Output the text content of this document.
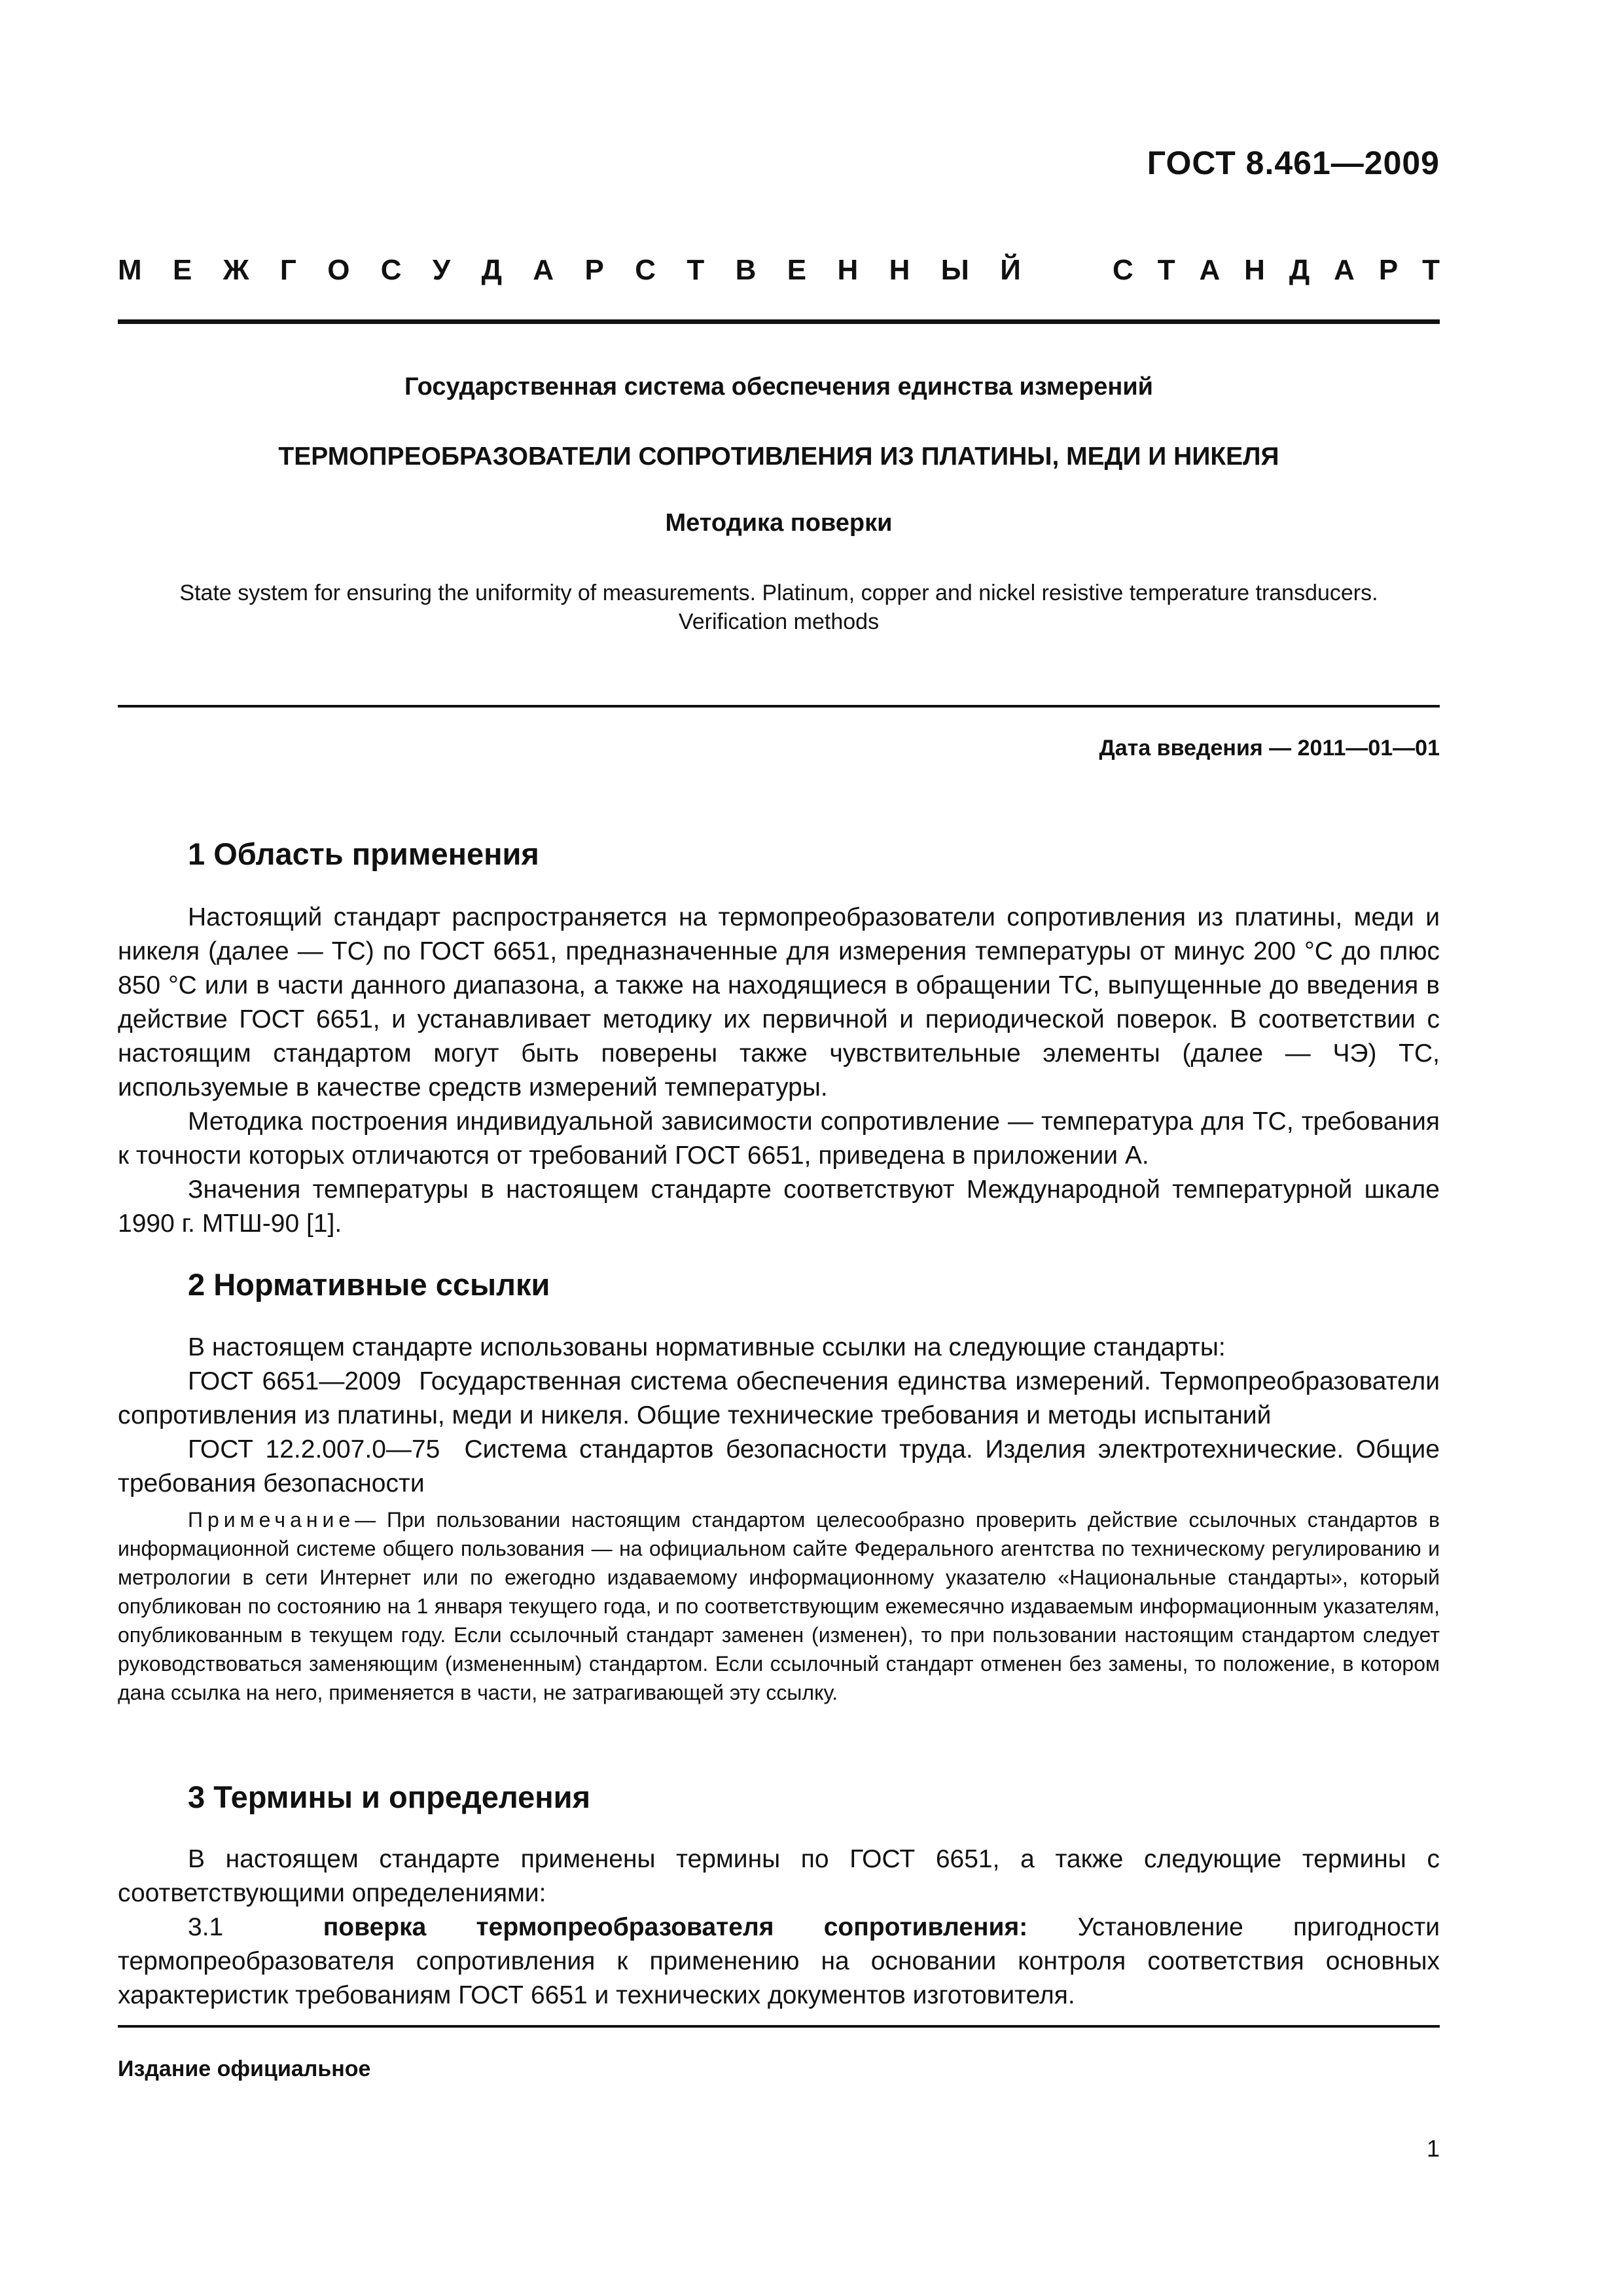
ГОСТ 8.461—2009
М Е Ж Г О С У Д А Р С Т В Е Н Н Ы Й	С Т А Н Д А Р Т
Государственная система обеспечения единства измерений
ТЕРМОПРЕОБРАЗОВАТЕЛИ СОПРОТИВЛЕНИЯ ИЗ ПЛАТИНЫ, МЕДИ И НИКЕЛЯ
Методика поверки
State system for ensuring the uniformity of measurements. Platinum, copper and nickel resistive temperature transducers. Verification methods
Дата введения — 2011—01—01
1 Область применения

Настоящий стандарт распространяется на термопреобразователи сопротивления из платины, меди и никеля (далее — ТС) по ГОСТ 6651, предназначенные для измерения температуры от минус 200 °С до плюс 850 °С или в части данного диапазона, а также на находящиеся в обращении ТС, выпущенные до введения в действие ГОСТ 6651, и устанавливает методику их первичной и периодической поверок. В соответствии с настоящим стандартом могут быть поверены также чувствительные элементы (далее — ЧЭ) ТС, используемые в качестве средств измерений температуры.

Методика построения индивидуальной зависимости сопротивление — температура для ТС, требования к точности которых отличаются от требований ГОСТ 6651, приведена в приложении А.

Значения температуры в настоящем стандарте соответствуют Международной температурной шкале 1990 г. МТШ-90 [1].

2 Нормативные ссылки

В настоящем стандарте использованы нормативные ссылки на следующие стандарты:

ГОСТ 6651—2009 Государственная система обеспечения единства измерений. Термопреобразователи сопротивления из платины, меди и никеля. Общие технические требования и методы испытаний

ГОСТ 12.2.007.0—75 Система стандартов безопасности труда. Изделия электротехнические. Общие требования безопасности

Примечание— При пользовании настоящим стандартом целесообразно проверить действие ссылочных стандартов в информационной системе общего пользования — на официальном сайте Федерального агентства по техническому регулированию и метрологии в сети Интернет или по ежегодно издаваемому информационному указателю «Национальные стандарты», который опубликован по состоянию на 1 января текущего года, и по соответствующим ежемесячно издаваемым информационным указателям, опубликованным в текущем году. Если ссылочный стандарт заменен (изменен), то при пользовании настоящим стандартом следует руководствоваться заменяющим (измененным) стандартом. Если ссылочный стандарт отменен без замены, то положение, в котором дана ссылка на него, применяется в части, не затрагивающей эту ссылку.

3 Термины и определения

В настоящем стандарте применены термины по ГОСТ 6651, а также следующие термины с соответствующими определениями:

3.1	поверка термопреобразователя сопротивления: Установление пригодности термопреобразователя сопротивления к применению на основании контроля соответствия основных характеристик требованиям ГОСТ 6651 и технических документов изготовителя.

Издание официальное
1
